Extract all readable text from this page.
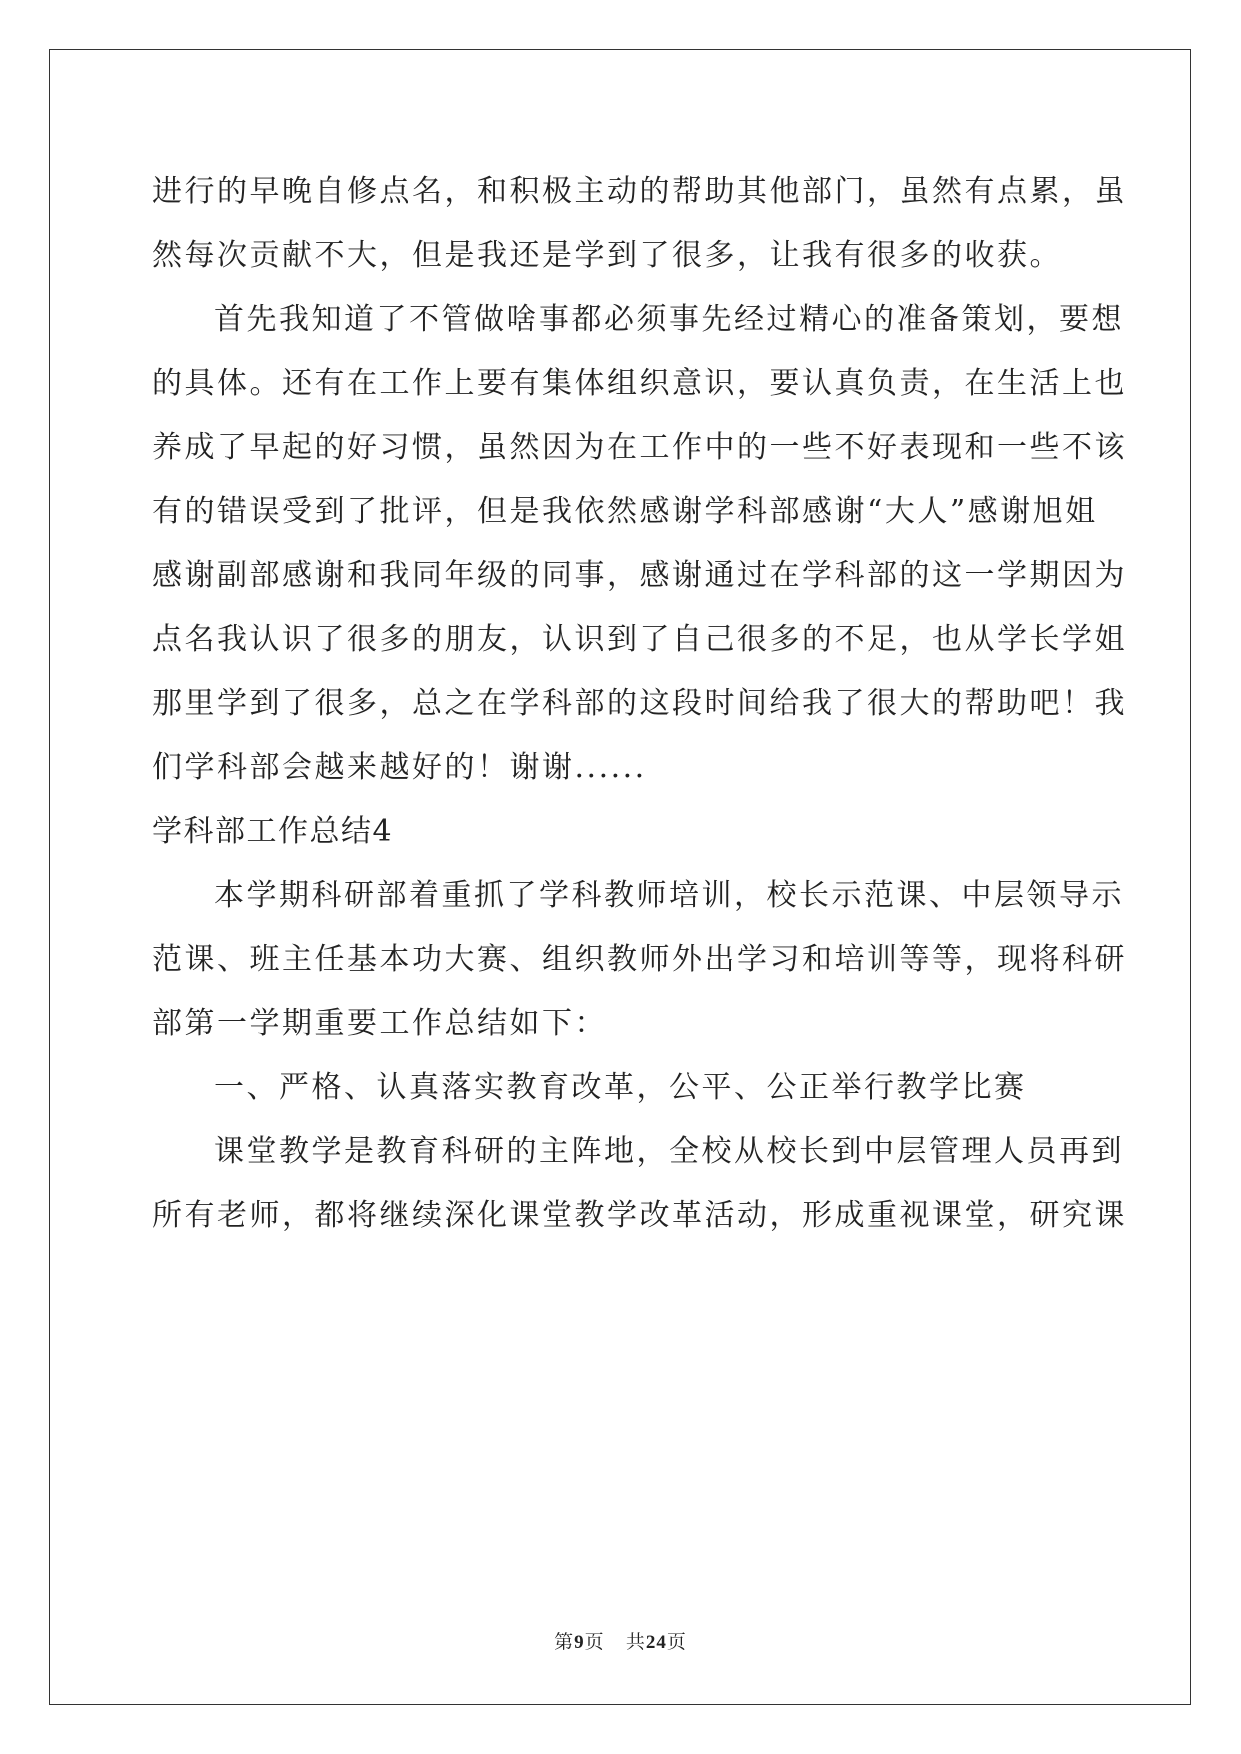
进行的早晚自修点名，和积极主动的帮助其他部门，虽然有点累，虽
然每次贡献不大，但是我还是学到了很多，让我有很多的收获。
首先我知道了不管做啥事都必须事先经过精心的准备策划，要想
的具体。还有在工作上要有集体组织意识，要认真负责，在生活上也
养成了早起的好习惯，虽然因为在工作中的一些不好表现和一些不该
有的错误受到了批评，但是我依然感谢学科部感谢“大人”感谢旭姐
感谢副部感谢和我同年级的同事，感谢通过在学科部的这一学期因为
点名我认识了很多的朋友，认识到了自己很多的不足，也从学长学姐
那里学到了很多，总之在学科部的这段时间给我了很大的帮助吧！我
们学科部会越来越好的！谢谢......
学科部工作总结4
本学期科研部着重抓了学科教师培训，校长示范课、中层领导示
范课、班主任基本功大赛、组织教师外出学习和培训等等，现将科研
部第一学期重要工作总结如下：
一、严格、认真落实教育改革，公平、公正举行教学比赛
课堂教学是教育科研的主阵地，全校从校长到中层管理人员再到
所有老师，都将继续深化课堂教学改革活动，形成重视课堂，研究课
第9页 共24页
